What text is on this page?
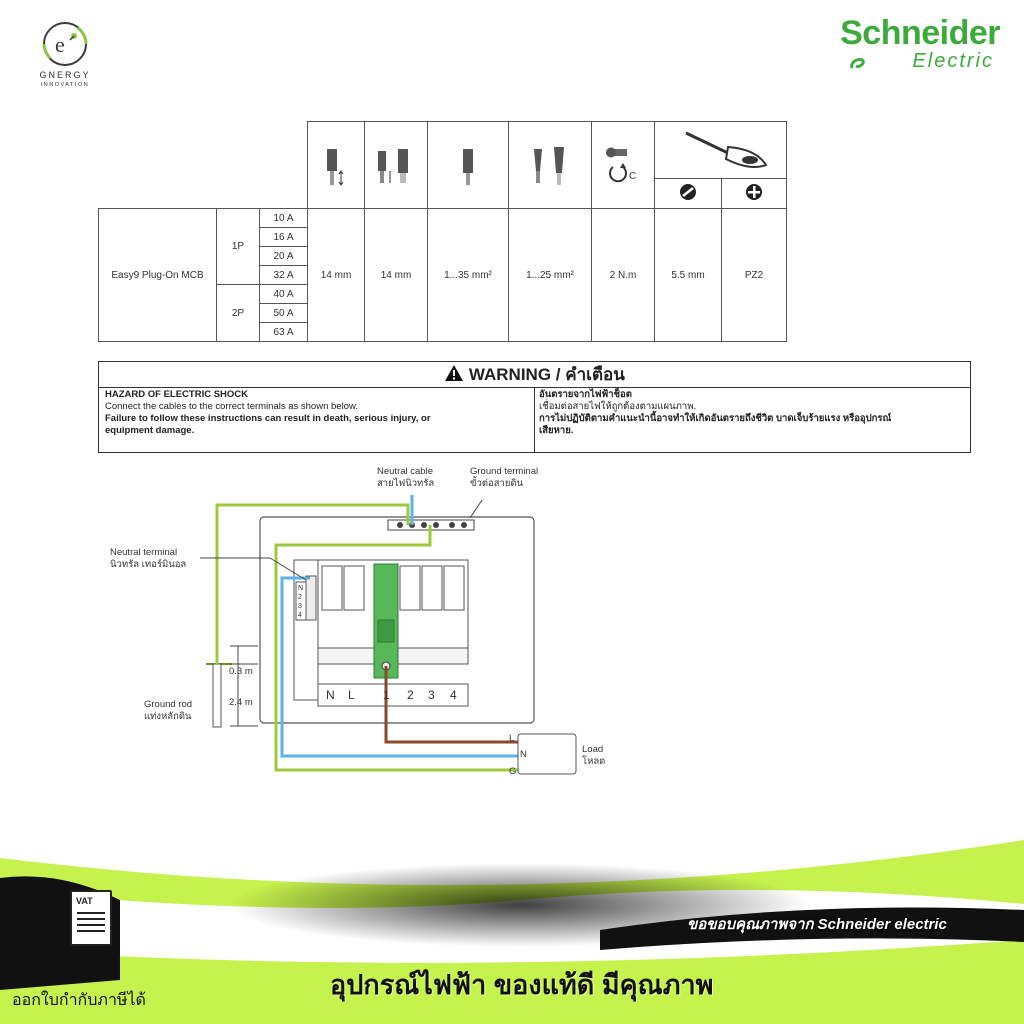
e
GNERGY
INNOVATION
Schneider
Electric

C

Easy9 Plug-On MCB	1P	10 A	14 mm	14 mm	1...35 mm²	1...25 mm²	2 N.m	5.5 mm	PZ2
		16 A							
		20 A							
		32 A							
	2P	40 A							
		50 A							
		63 A							
WARNING / คำเตือน
HAZARD OF ELECTRIC SHOCK
Connect the cables to the correct terminals as shown below.
Failure to follow these instructions can result in death, serious injury, or
equipment damage.
อันตรายจากไฟฟ้าช็อต
เชื่อมต่อสายไฟให้ถูกต้องตามแผนภาพ.
การไม่ปฏิบัติตามคำแนะนำนี้อาจทำให้เกิดอันตรายถึงชีวิต บาดเจ็บร้ายแรง หรืออุปกรณ์
เสียหาย.
Neutral cable
สายไฟนิวทรัล
Ground terminal
ขั้วต่อสายดิน
Neutral terminal
นิวทรัล เทอร์มินอล
Ground rod
แท่งหลักดิน
0.3 m
2.4 m
Load
โหลด
L
N
G
N
2
3
4
N L 1 2 3 4
VAT
ขอขอบคุณภาพจาก Schneider electric
อุปกรณ์ไฟฟ้า ของแท้ดี มีคุณภาพ
ออกใบกำกับภาษีได้
